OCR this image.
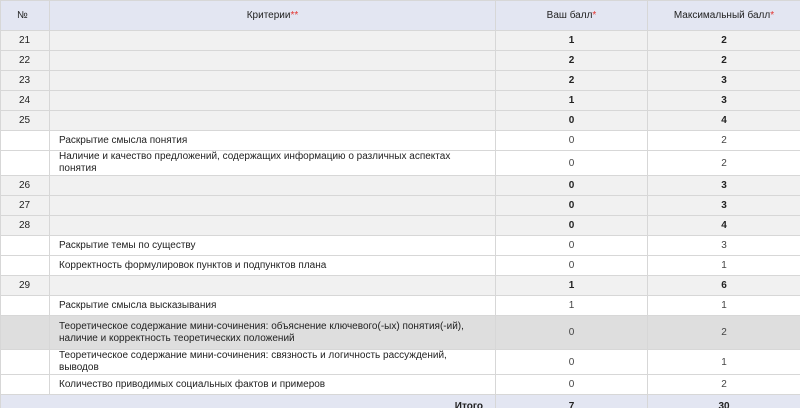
№	Критерии**	Ваш балл*	Максимальный балл*
21		1	2
22		2	2
23		2	3
24		1	3
25		0	4
	Раскрытие смысла понятия	0	2
	Наличие и качество предложений, содержащих информацию о различных аспектах понятия	0	2
26		0	3
27		0	3
28		0	4
	Раскрытие темы по существу	0	3
	Корректность формулировок пунктов и подпунктов плана	0	1
29		1	6
	Раскрытие смысла высказывания	1	1
	Теоретическое содержание мини-сочинения: объяснение ключевого(-ых) понятия(-ий), наличие и корректность теоретических положений	0	2
	Теоретическое содержание мини-сочинения: связность и логичность рассуждений, выводов	0	1
	Количество приводимых социальных фактов и примеров	0	2
Итого		7	30
